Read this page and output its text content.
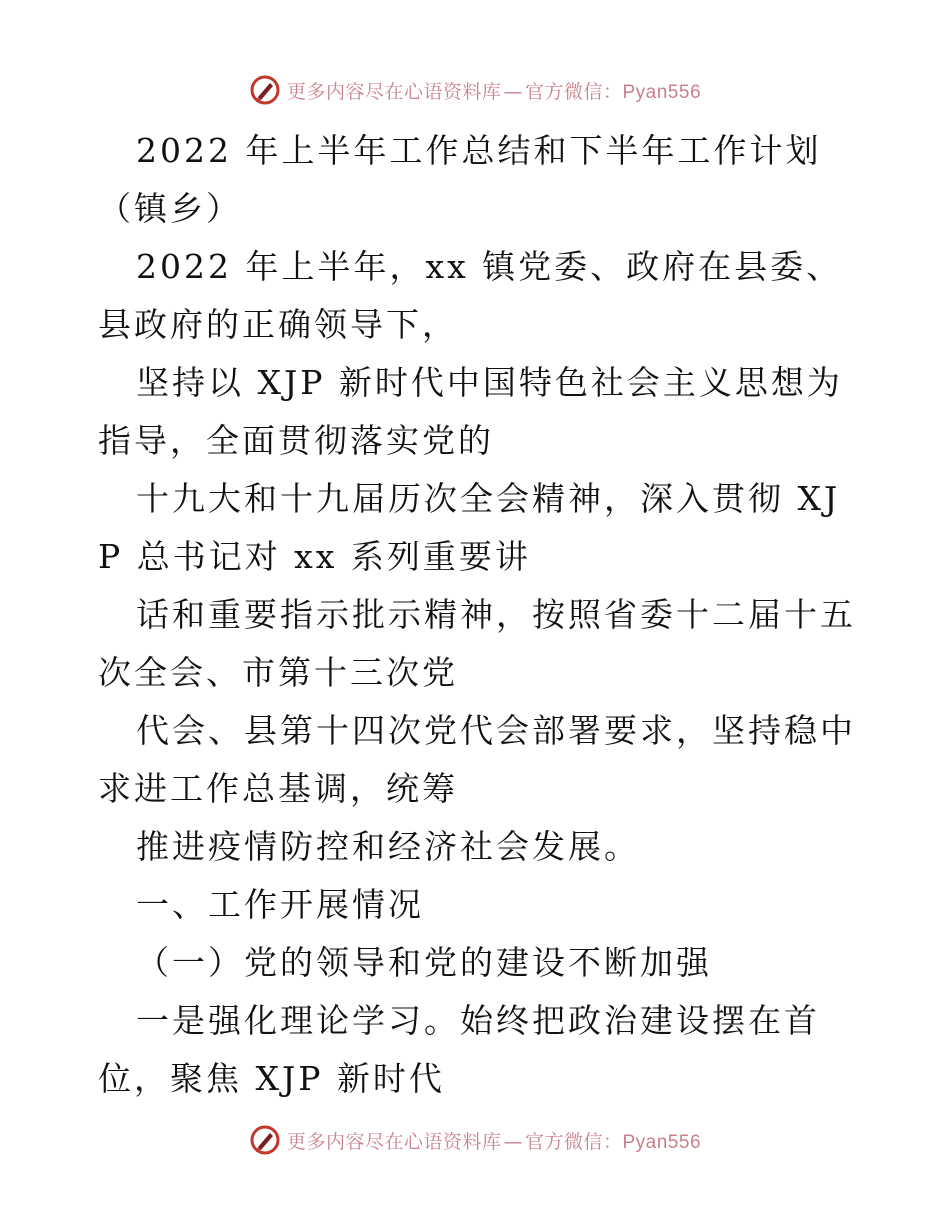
更多内容尽在心语资料库 — 官方微信：Pyan556

2022 年上半年工作总结和下半年工作计划（镇乡）

2022 年上半年，xx 镇党委、政府在县委、县政府的正确领导下，

坚持以 XJP 新时代中国特色社会主义思想为指导，全面贯彻落实党的

十九大和十九届历次全会精神，深入贯彻 XJP 总书记对 xx 系列重要讲

话和重要指示批示精神，按照省委十二届十五次全会、市第十三次党

代会、县第十四次党代会部署要求，坚持稳中求进工作总基调，统筹

推进疫情防控和经济社会发展。

一、工作开展情况

（一）党的领导和党的建设不断加强

一是强化理论学习。始终把政治建设摆在首位，聚焦 XJP 新时代

更多内容尽在心语资料库 — 官方微信：Pyan556
